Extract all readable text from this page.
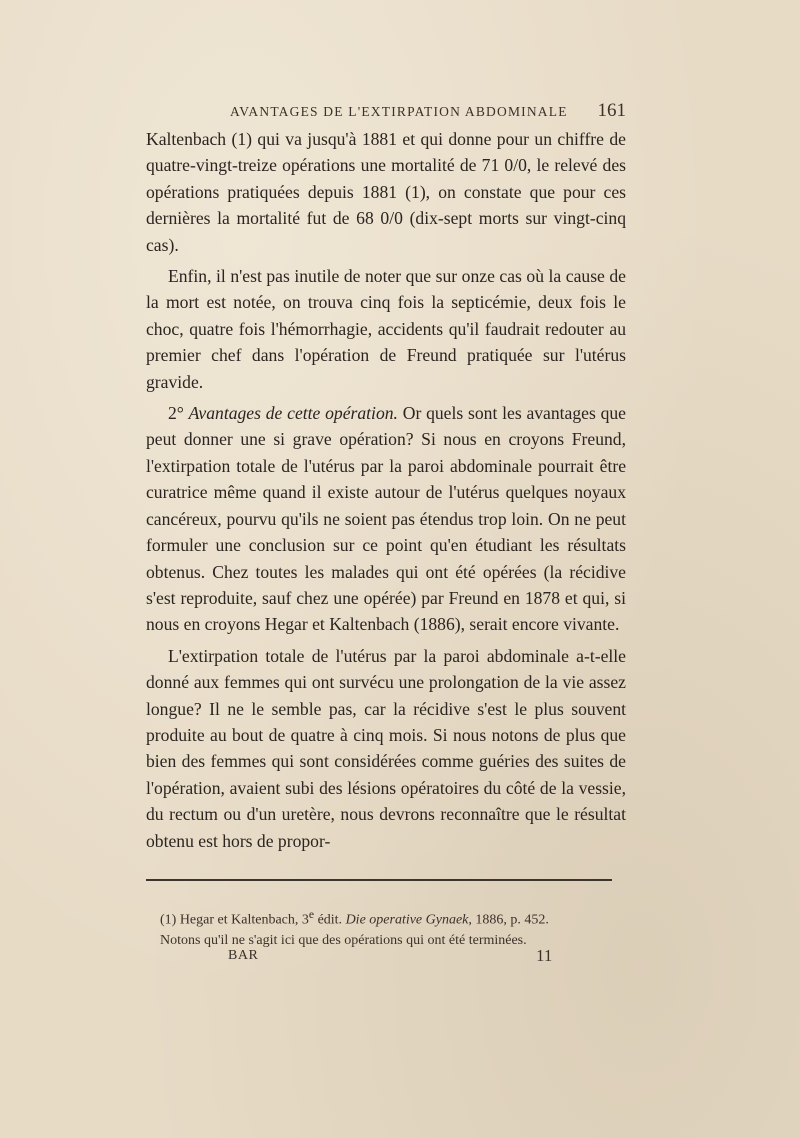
AVANTAGES DE L'EXTIRPATION ABDOMINALE 161

Kaltenbach (1) qui va jusqu'à 1881 et qui donne pour un chiffre de quatre-vingt-treize opérations une mortalité de 71 0/0, le relevé des opérations pratiquées depuis 1881 (1), on constate que pour ces dernières la mortalité fut de 68 0/0 (dix-sept morts sur vingt-cinq cas).

Enfin, il n'est pas inutile de noter que sur onze cas où la cause de la mort est notée, on trouva cinq fois la septicémie, deux fois le choc, quatre fois l'hémorrhagie, accidents qu'il faudrait redouter au premier chef dans l'opération de Freund pratiquée sur l'utérus gravide.

2° Avantages de cette opération. Or quels sont les avantages que peut donner une si grave opération? Si nous en croyons Freund, l'extirpation totale de l'utérus par la paroi abdominale pourrait être curatrice même quand il existe autour de l'utérus quelques noyaux cancéreux, pourvu qu'ils ne soient pas étendus trop loin. On ne peut formuler une conclusion sur ce point qu'en étudiant les résultats obtenus. Chez toutes les malades qui ont été opérées (la récidive s'est reproduite, sauf chez une opérée) par Freund en 1878 et qui, si nous en croyons Hegar et Kaltenbach (1886), serait encore vivante.

L'extirpation totale de l'utérus par la paroi abdominale a-t-elle donné aux femmes qui ont survécu une prolongation de la vie assez longue? Il ne le semble pas, car la récidive s'est le plus souvent produite au bout de quatre à cinq mois. Si nous notons de plus que bien des femmes qui sont considérées comme guéries des suites de l'opération, avaient subi des lésions opératoires du côté de la vessie, du rectum ou d'un uretère, nous devrons reconnaître que le résultat obtenu est hors de propor-

(1) Hegar et Kaltenbach, 3e édit. Die operative Gynaek, 1886, p. 452.

Notons qu'il ne s'agit ici que des opérations qui ont été terminées.

BAR	11
